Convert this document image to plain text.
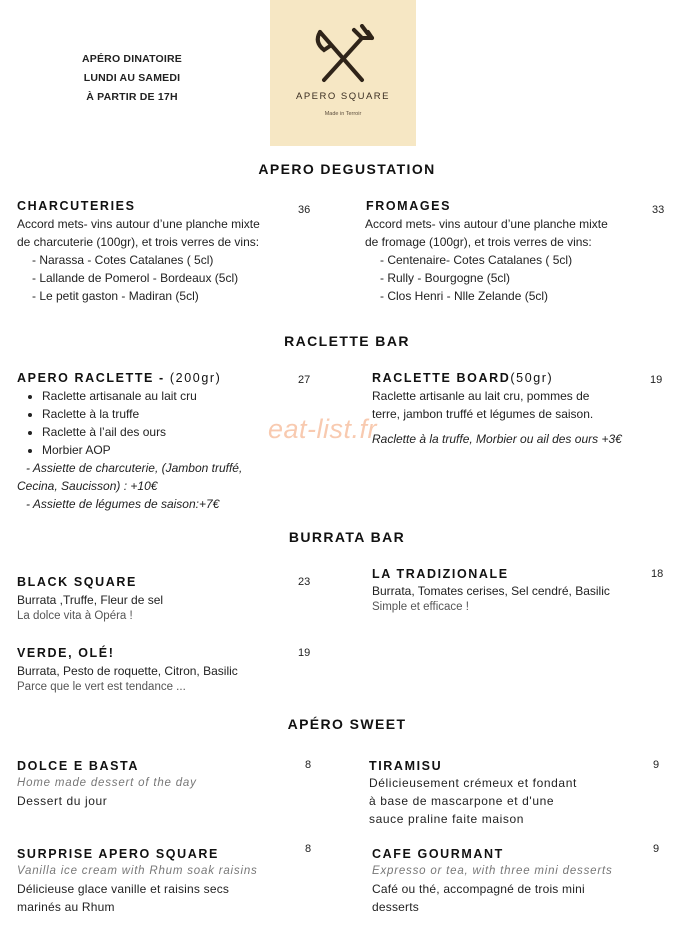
APÉRO DINATOIRE
LUNDI AU SAMEDI
À PARTIR DE 17H	APERO SQUARE
Made in Terroir
eat-list.fr
APERO DEGUSTATION
CHARCUTERIES	36
Accord mets- vins autour d’une planche mixte
de charcuterie (100gr), et trois verres de vins:
- Narassa - Cotes Catalanes ( 5cl)
- Lallande de Pomerol - Bordeaux (5cl)
- Le petit gaston - Madiran (5cl)
FROMAGES	33
Accord mets- vins autour d’une planche mixte
de fromage (100gr), et trois verres de vins:
- Centenaire- Cotes Catalanes ( 5cl)
- Rully - Bourgogne (5cl)
- Clos Henri - Nlle Zelande (5cl)
RACLETTE BAR
APERO RACLETTE - (200gr)	27
• Raclette artisanale au lait cru
• Raclette à la truffe
• Raclette à l’ail des ours
• Morbier AOP
- Assiette de charcuterie, (Jambon truffé,
Cecina, Saucisson) : +10€
- Assiette de légumes de saison:+7€
RACLETTE BOARD(50gr)	19
Raclette artisanle au lait cru, pommes de
terre, jambon truffé et légumes de saison.
Raclette à la truffe, Morbier ou ail des ours +3€
BURRATA BAR
BLACK SQUARE	23
Burrata ,Truffe, Fleur de sel
La dolce vita à Opéra !
LA TRADIZIONALE	18
Burrata, Tomates cerises, Sel cendré, Basilic
Simple et efficace !
VERDE, OLÉ!	19
Burrata, Pesto de roquette, Citron, Basilic
Parce que le vert est tendance ...
APÉRO SWEET
DOLCE E BASTA	8
Home made dessert of the day
Dessert du jour
TIRAMISU	9
Délicieusement crémeux et fondant
à base de mascarpone et d'une
sauce praline faite maison
SURPRISE APERO SQUARE	8
Vanilla ice cream with Rhum soak raisins
Délicieuse glace vanille et raisins secs
marinés au Rhum
CAFE GOURMANT	9
Expresso or tea, with three mini desserts
Café ou thé, accompagné de trois mini
desserts
